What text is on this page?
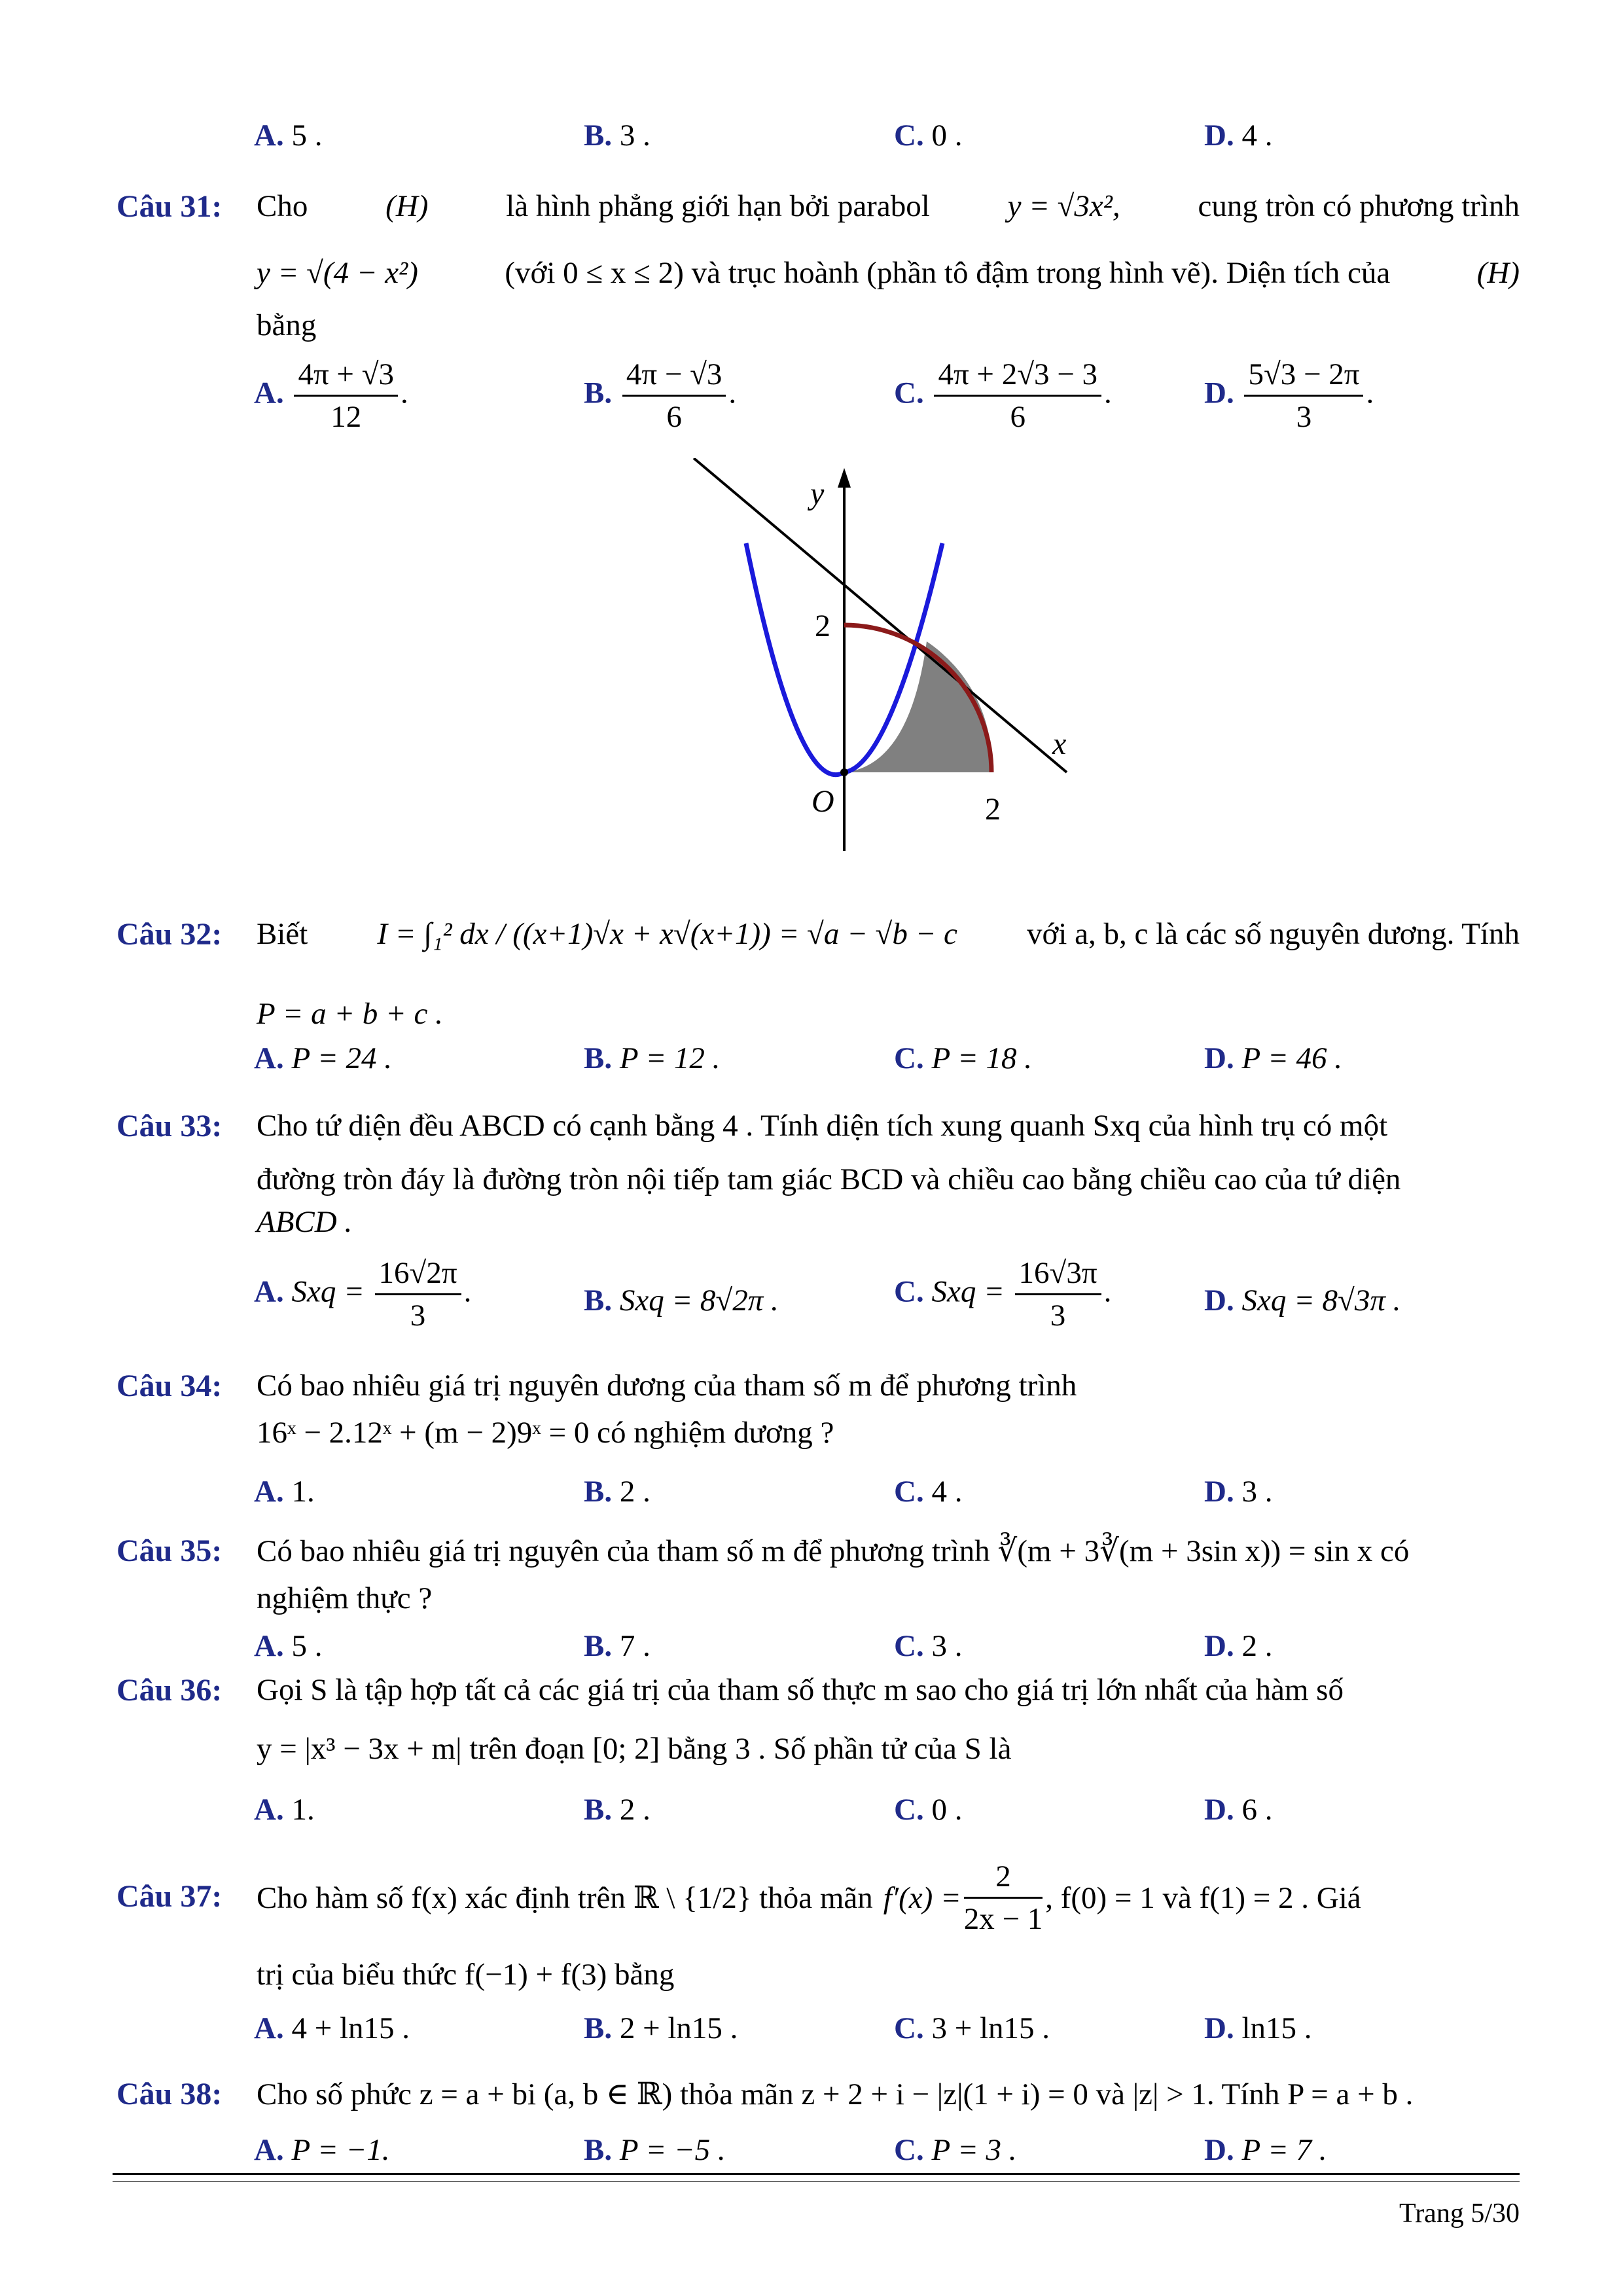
A. 5 .	B. 3 .	C. 0 .	D. 4 .
Câu 31: Cho	(H)	là hình phẳng giới hạn bởi parabol	y = √3x²,	cung tròn có phương trình
y = √(4 − x²)	(với 0 ≤ x ≤ 2) và trục hoành (phần tô đậm trong hình vẽ). Diện tích của	(H)
bằng
A. $\frac{4\pi + √3}{12}$ .	B. $\frac{4\pi - √3}{6}$ .	C. $\frac{4\pi + 2√3 - 3}{6}$ .	D. $\frac{5√3 - 2\pi}{3}$ .
y
x
O
2
2
Câu 32: Biết I = ∫₁² dx / ((x+1)√x + x√(x+1)) = √a − √b − c với a, b, c là các số nguyên dương. Tính
P = a + b + c .
A. P = 24 .	B. P = 12 .	C. P = 18 .	D. P = 46 .
Câu 33: Cho tứ diện đều ABCD có cạnh bằng 4 . Tính diện tích xung quanh Sxq của hình trụ có một
đường tròn đáy là đường tròn nội tiếp tam giác BCD và chiều cao bằng chiều cao của tứ diện
ABCD .
A. Sxq = $\frac{16√2\pi}{3}$ .	B. Sxq = 8√2π .	C. Sxq = $\frac{16√3\pi}{3}$ .	D. Sxq = 8√3π .
Câu 34: Có bao nhiêu giá trị nguyên dương của tham số m để phương trình
16ˣ − 2.12ˣ + (m − 2)9ˣ = 0 có nghiệm dương ?
A. 1.	B. 2 .	C. 4 .	D. 3 .
Câu 35: Có bao nhiêu giá trị nguyên của tham số m để phương trình ∛(m + 3∛(m + 3sin x)) = sin x có
nghiệm thực ?
A. 5 .	B. 7 .	C. 3 .	D. 2 .
Câu 36: Gọi S là tập hợp tất cả các giá trị của tham số thực m sao cho giá trị lớn nhất của hàm số
y = |x³ − 3x + m| trên đoạn [0; 2] bằng 3 . Số phần tử của S là
A. 1.	B. 2 .	C. 0 .	D. 6 .
Câu 37: Cho hàm số f(x) xác định trên ℝ \ {1/2} thỏa mãn $f'(x) = \frac{2}{2x - 1}$ , f(0) = 1 và f(1) = 2 . Giá
trị của biểu thức f(−1) + f(3) bằng
A. 4 + ln15 .	B. 2 + ln15 .	C. 3 + ln15 .	D. ln15 .
Câu 38: Cho số phức z = a + bi (a, b ∈ ℝ) thỏa mãn z + 2 + i − |z|(1 + i) = 0 và |z| > 1. Tính P = a + b .
A. P = −1.	B. P = −5 .	C. P = 3 .	D. P = 7 .
Trang 5/30
